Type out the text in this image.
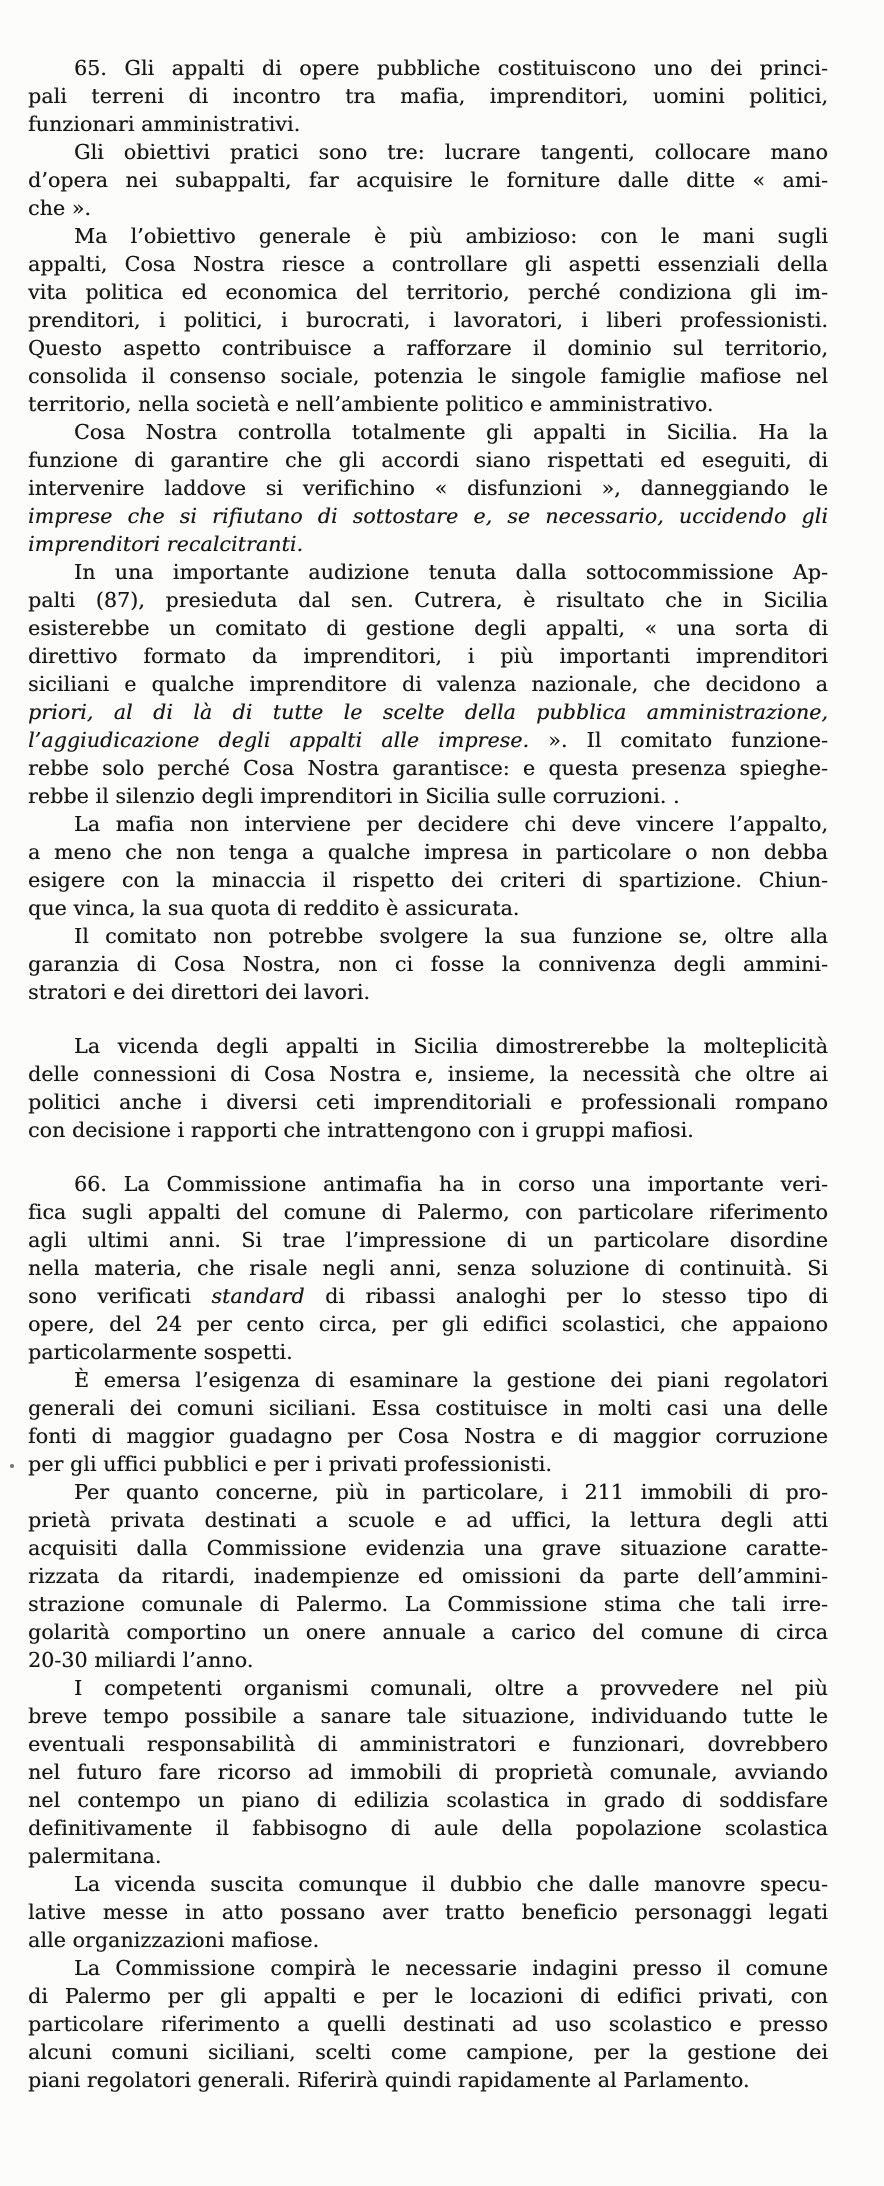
65. Gli appalti di opere pubbliche costituiscono uno dei princi-
pali terreni di incontro tra mafia, imprenditori, uomini politici,
funzionari amministrativi.
Gli obiettivi pratici sono tre: lucrare tangenti, collocare mano
d’opera nei subappalti, far acquisire le forniture dalle ditte « ami-
che ».
Ma l’obiettivo generale è più ambizioso: con le mani sugli
appalti, Cosa Nostra riesce a controllare gli aspetti essenziali della
vita politica ed economica del territorio, perché condiziona gli im-
prenditori, i politici, i burocrati, i lavoratori, i liberi professionisti.
Questo aspetto contribuisce a rafforzare il dominio sul territorio,
consolida il consenso sociale, potenzia le singole famiglie mafiose nel
territorio, nella società e nell’ambiente politico e amministrativo.
Cosa Nostra controlla totalmente gli appalti in Sicilia. Ha la
funzione di garantire che gli accordi siano rispettati ed eseguiti, di
intervenire laddove si verifichino « disfunzioni », danneggiando le
imprese che si rifiutano di sottostare e, se necessario, uccidendo gli
imprenditori recalcitranti.
In una importante audizione tenuta dalla sottocommissione Ap-
palti (87), presieduta dal sen. Cutrera, è risultato che in Sicilia
esisterebbe un comitato di gestione degli appalti, « una sorta di
direttivo formato da imprenditori, i più importanti imprenditori
siciliani e qualche imprenditore di valenza nazionale, che decidono a
priori, al di là di tutte le scelte della pubblica amministrazione,
l’aggiudicazione degli appalti alle imprese. ». Il comitato funzione-
rebbe solo perché Cosa Nostra garantisce: e questa presenza spieghe-
rebbe il silenzio degli imprenditori in Sicilia sulle corruzioni. .
La mafia non interviene per decidere chi deve vincere l’appalto,
a meno che non tenga a qualche impresa in particolare o non debba
esigere con la minaccia il rispetto dei criteri di spartizione. Chiun-
que vinca, la sua quota di reddito è assicurata.
Il comitato non potrebbe svolgere la sua funzione se, oltre alla
garanzia di Cosa Nostra, non ci fosse la connivenza degli ammini-
stratori e dei direttori dei lavori.
La vicenda degli appalti in Sicilia dimostrerebbe la molteplicità
delle connessioni di Cosa Nostra e, insieme, la necessità che oltre ai
politici anche i diversi ceti imprenditoriali e professionali rompano
con decisione i rapporti che intrattengono con i gruppi mafiosi.
66. La Commissione antimafia ha in corso una importante veri-
fica sugli appalti del comune di Palermo, con particolare riferimento
agli ultimi anni. Si trae l’impressione di un particolare disordine
nella materia, che risale negli anni, senza soluzione di continuità. Si
sono verificati standard di ribassi analoghi per lo stesso tipo di
opere, del 24 per cento circa, per gli edifici scolastici, che appaiono
particolarmente sospetti.
È emersa l’esigenza di esaminare la gestione dei piani regolatori
generali dei comuni siciliani. Essa costituisce in molti casi una delle
fonti di maggior guadagno per Cosa Nostra e di maggior corruzione
per gli uffici pubblici e per i privati professionisti.
Per quanto concerne, più in particolare, i 211 immobili di pro-
prietà privata destinati a scuole e ad uffici, la lettura degli atti
acquisiti dalla Commissione evidenzia una grave situazione caratte-
rizzata da ritardi, inadempienze ed omissioni da parte dell’ammini-
strazione comunale di Palermo. La Commissione stima che tali irre-
golarità comportino un onere annuale a carico del comune di circa
20-30 miliardi l’anno.
I competenti organismi comunali, oltre a provvedere nel più
breve tempo possibile a sanare tale situazione, individuando tutte le
eventuali responsabilità di amministratori e funzionari, dovrebbero
nel futuro fare ricorso ad immobili di proprietà comunale, avviando
nel contempo un piano di edilizia scolastica in grado di soddisfare
definitivamente il fabbisogno di aule della popolazione scolastica
palermitana.
La vicenda suscita comunque il dubbio che dalle manovre specu-
lative messe in atto possano aver tratto beneficio personaggi legati
alle organizzazioni mafiose.
La Commissione compirà le necessarie indagini presso il comune
di Palermo per gli appalti e per le locazioni di edifici privati, con
particolare riferimento a quelli destinati ad uso scolastico e presso
alcuni comuni siciliani, scelti come campione, per la gestione dei
piani regolatori generali. Riferirà quindi rapidamente al Parlamento.
